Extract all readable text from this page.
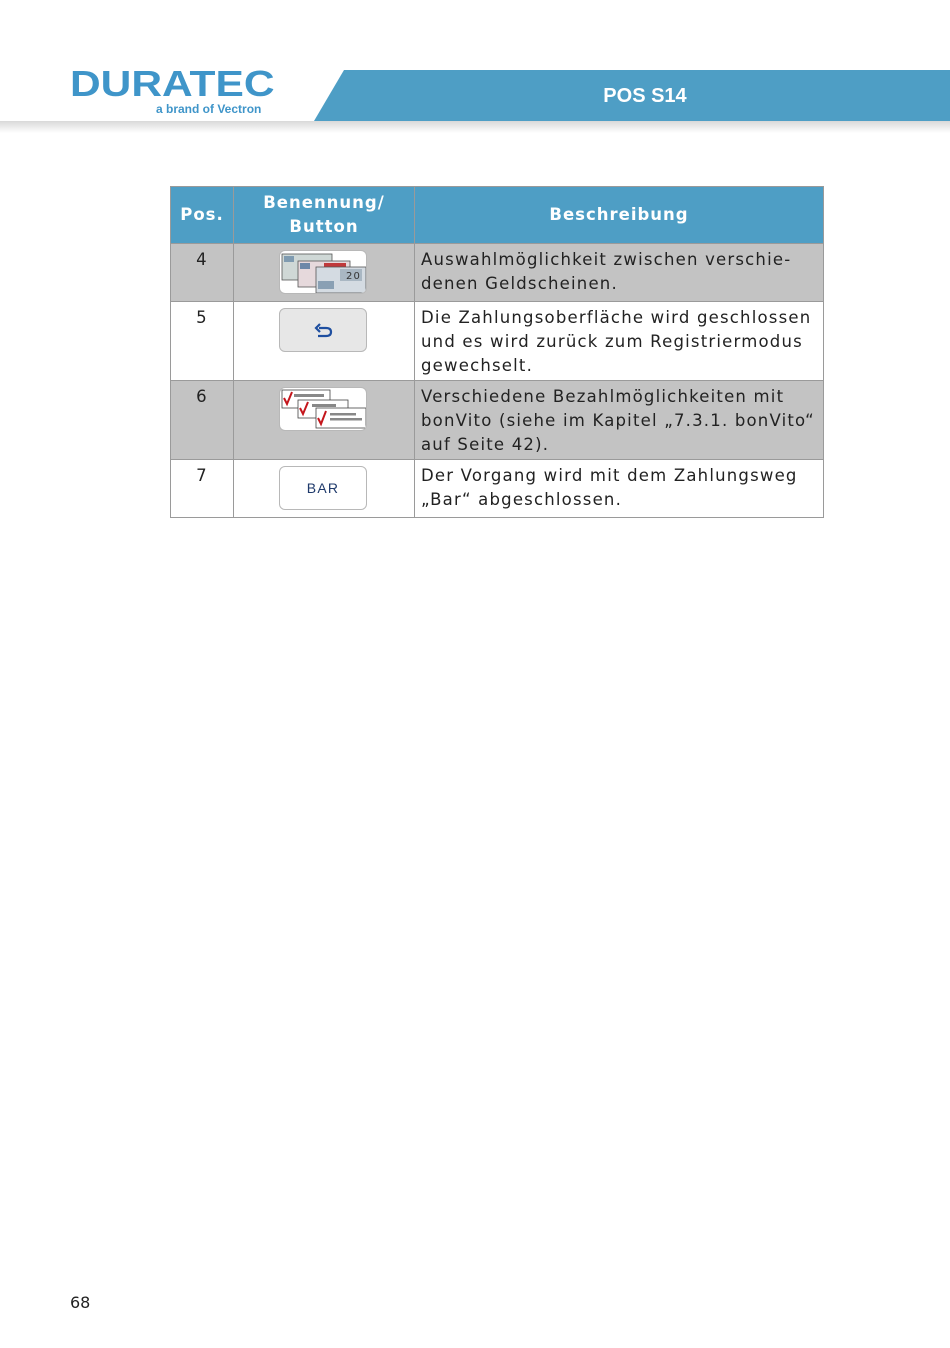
DURATEC
a brand of Vectron
POS S14
Pos.	Benennung/ Button	Beschreibung
4	20	Auswahlmöglichkeit zwischen verschie-denen Geldscheinen.
5		Die Zahlungsoberfläche wird geschlossen und es wird zurück zum Registriermodus gewechselt.
6		Verschiedene Bezahlmöglichkeiten mit bonVito (siehe im Kapitel „7.3.1. bonVito“ auf Seite 42).
7	BAR	Der Vorgang wird mit dem Zahlungsweg „Bar“ abgeschlossen.
68
